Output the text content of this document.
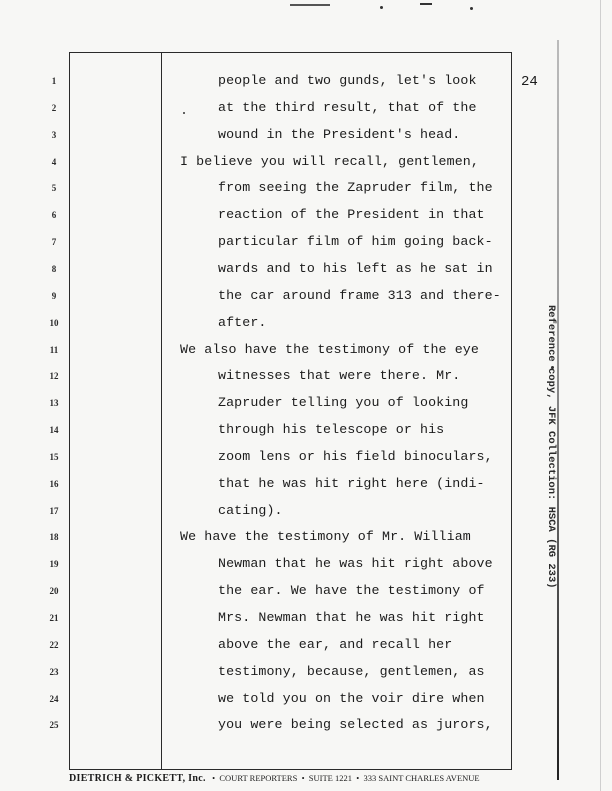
24
1	people and two gunds, let's look
2	at the third result, that of the
3	wound in the President's head.
4	I believe you will recall, gentlemen,
5	from seeing the Zapruder film, the
6	reaction of the President in that
7	particular film of him going back-
8	wards and to his left as he sat in
9	the car around frame 313 and there-
10	after.
11	We also have the testimony of the eye
12	witnesses that were there. Mr.
13	Zapruder telling you of looking
14	through his telescope or his
15	zoom lens or his field binoculars,
16	that he was hit right here (indi-
17	cating).
18	We have the testimony of Mr. William
19	Newman that he was hit right above
20	the ear. We have the testimony of
21	Mrs. Newman that he was hit right
22	above the ear, and recall her
23	testimony, because, gentlemen, as
24	we told you on the voir dire when
25	you were being selected as jurors,
Reference copy, JFK Collection: HSCA (RG 233)
DIETRICH & PICKETT, Inc. • COURT REPORTERS • SUITE 1221 • 333 SAINT CHARLES AVENUE
